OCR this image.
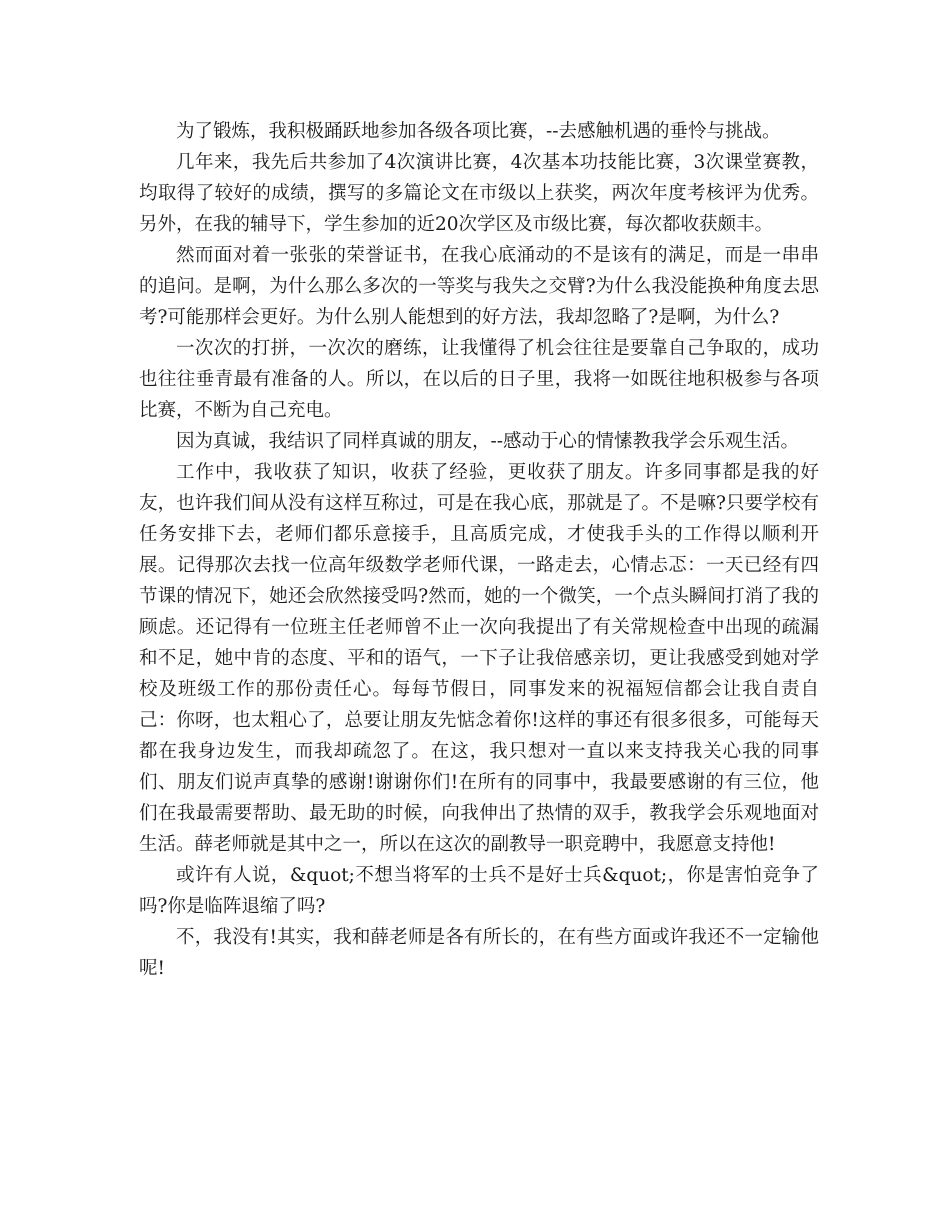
为了锻炼，我积极踊跃地参加各级各项比赛，--去感触机遇的垂怜与挑战。

几年来，我先后共参加了4次演讲比赛，4次基本功技能比赛，3次课堂赛教，均取得了较好的成绩，撰写的多篇论文在市级以上获奖，两次年度考核评为优秀。另外，在我的辅导下，学生参加的近20次学区及市级比赛，每次都收获颇丰。

然而面对着一张张的荣誉证书，在我心底涌动的不是该有的满足，而是一串串的追问。是啊，为什么那么多次的一等奖与我失之交臂?为什么我没能换种角度去思考?可能那样会更好。为什么别人能想到的好方法，我却忽略了?是啊，为什么?

一次次的打拼，一次次的磨练，让我懂得了机会往往是要靠自己争取的，成功也往往垂青最有准备的人。所以，在以后的日子里，我将一如既往地积极参与各项比赛，不断为自己充电。

因为真诚，我结识了同样真诚的朋友，--感动于心的情愫教我学会乐观生活。

工作中，我收获了知识，收获了经验，更收获了朋友。许多同事都是我的好友，也许我们间从没有这样互称过，可是在我心底，那就是了。不是嘛?只要学校有任务安排下去，老师们都乐意接手，且高质完成，才使我手头的工作得以顺利开展。记得那次去找一位高年级数学老师代课，一路走去，心情忐忑：一天已经有四节课的情况下，她还会欣然接受吗?然而，她的一个微笑，一个点头瞬间打消了我的顾虑。还记得有一位班主任老师曾不止一次向我提出了有关常规检查中出现的疏漏和不足，她中肯的态度、平和的语气，一下子让我倍感亲切，更让我感受到她对学校及班级工作的那份责任心。每每节假日，同事发来的祝福短信都会让我自责自己：你呀，也太粗心了，总要让朋友先惦念着你!这样的事还有很多很多，可能每天都在我身边发生，而我却疏忽了。在这，我只想对一直以来支持我关心我的同事们、朋友们说声真挚的感谢!谢谢你们!在所有的同事中，我最要感谢的有三位，他们在我最需要帮助、最无助的时候，向我伸出了热情的双手，教我学会乐观地面对生活。薛老师就是其中之一，所以在这次的副教导一职竞聘中，我愿意支持他!

或许有人说，&quot;不想当将军的士兵不是好士兵&quot;，你是害怕竞争了吗?你是临阵退缩了吗?

不，我没有!其实，我和薛老师是各有所长的，在有些方面或许我还不一定输他呢!
